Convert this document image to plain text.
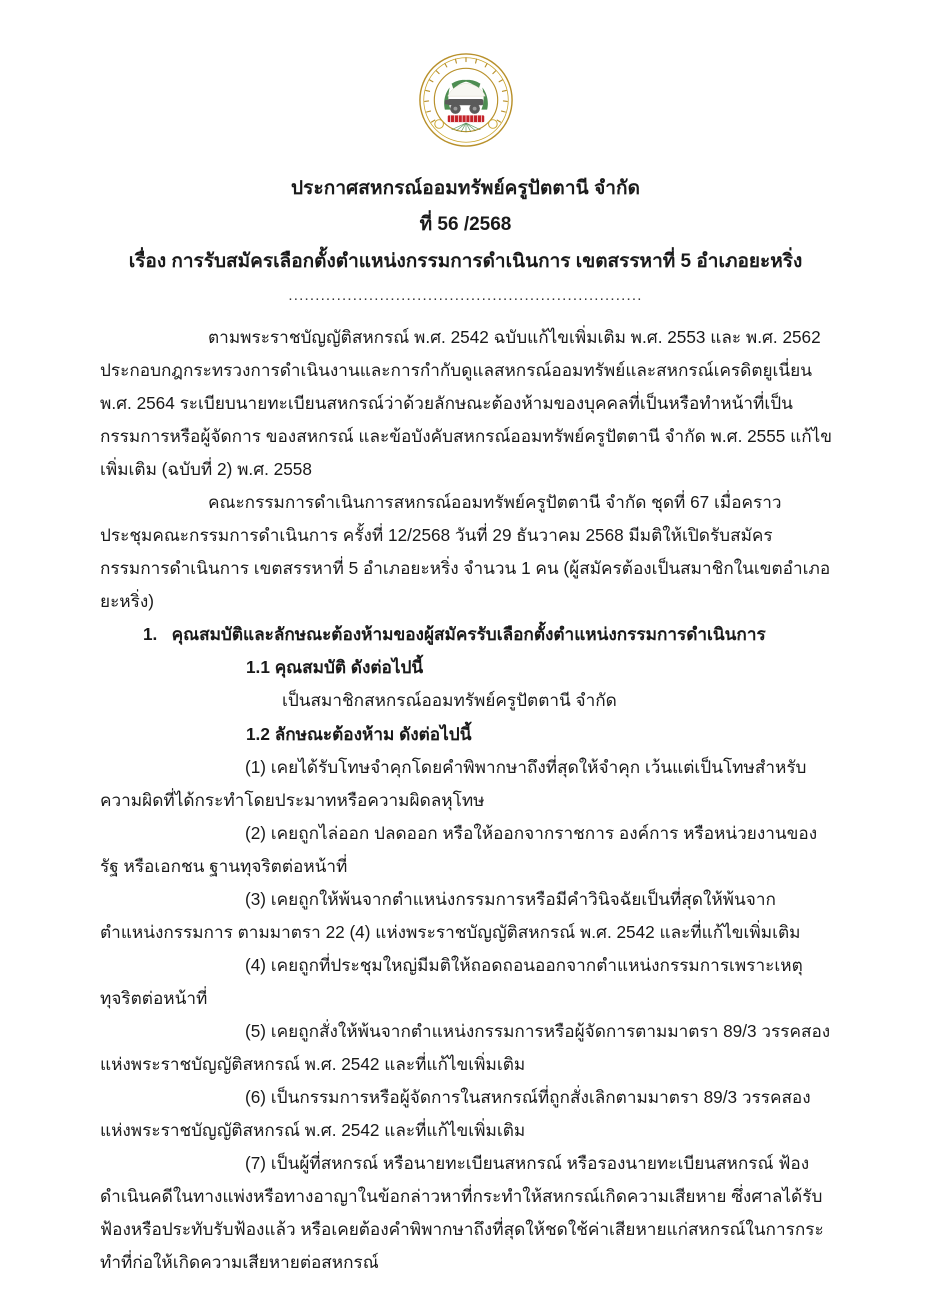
ประกาศสหกรณ์ออมทรัพย์ครูปัตตานี จำกัด
ที่ 56 /2568
เรื่อง การรับสมัครเลือกตั้งตำแหน่งกรรมการดำเนินการ เขตสรรหาที่ 5 อำเภอยะหริ่ง
..................................................................

ตามพระราชบัญญัติสหกรณ์ พ.ศ. 2542 ฉบับแก้ไขเพิ่มเติม พ.ศ. 2553 และ พ.ศ. 2562 ประกอบกฎกระทรวงการดำเนินงานและการกำกับดูแลสหกรณ์ออมทรัพย์และสหกรณ์เครดิตยูเนี่ยน พ.ศ. 2564 ระเบียบนายทะเบียนสหกรณ์ว่าด้วยลักษณะต้องห้ามของบุคคลที่เป็นหรือทำหน้าที่เป็นกรรมการหรือผู้จัดการ ของสหกรณ์ และข้อบังคับสหกรณ์ออมทรัพย์ครูปัตตานี จำกัด พ.ศ. 2555 แก้ไขเพิ่มเติม (ฉบับที่ 2) พ.ศ. 2558

คณะกรรมการดำเนินการสหกรณ์ออมทรัพย์ครูปัตตานี จำกัด ชุดที่ 67 เมื่อคราวประชุมคณะกรรมการดำเนินการ ครั้งที่ 12/2568 วันที่ 29 ธันวาคม 2568 มีมติให้เปิดรับสมัครกรรมการดำเนินการ เขตสรรหาที่ 5 อำเภอยะหริ่ง จำนวน 1 คน (ผู้สมัครต้องเป็นสมาชิกในเขตอำเภอยะหริ่ง)

1. คุณสมบัติและลักษณะต้องห้ามของผู้สมัครรับเลือกตั้งตำแหน่งกรรมการดำเนินการ

1.1 คุณสมบัติ ดังต่อไปนี้

เป็นสมาชิกสหกรณ์ออมทรัพย์ครูปัตตานี จำกัด

1.2 ลักษณะต้องห้าม ดังต่อไปนี้

(1) เคยได้รับโทษจำคุกโดยคำพิพากษาถึงที่สุดให้จำคุก เว้นแต่เป็นโทษสำหรับความผิดที่ได้กระทำโดยประมาทหรือความผิดลหุโทษ

(2) เคยถูกไล่ออก ปลดออก หรือให้ออกจากราชการ องค์การ หรือหน่วยงานของรัฐ หรือเอกชน ฐานทุจริตต่อหน้าที่

(3) เคยถูกให้พ้นจากตำแหน่งกรรมการหรือมีคำวินิจฉัยเป็นที่สุดให้พ้นจากตำแหน่งกรรมการ ตามมาตรา 22 (4) แห่งพระราชบัญญัติสหกรณ์ พ.ศ. 2542 และที่แก้ไขเพิ่มเติม

(4) เคยถูกที่ประชุมใหญ่มีมติให้ถอดถอนออกจากตำแหน่งกรรมการเพราะเหตุทุจริตต่อหน้าที่

(5) เคยถูกสั่งให้พ้นจากตำแหน่งกรรมการหรือผู้จัดการตามมาตรา 89/3 วรรคสองแห่งพระราชบัญญัติสหกรณ์ พ.ศ. 2542 และที่แก้ไขเพิ่มเติม

(6) เป็นกรรมการหรือผู้จัดการในสหกรณ์ที่ถูกสั่งเลิกตามมาตรา 89/3 วรรคสองแห่งพระราชบัญญัติสหกรณ์ พ.ศ. 2542 และที่แก้ไขเพิ่มเติม

(7) เป็นผู้ที่สหกรณ์ หรือนายทะเบียนสหกรณ์ หรือรองนายทะเบียนสหกรณ์ ฟ้องดำเนินคดีในทางแพ่งหรือทางอาญาในข้อกล่าวหาที่กระทำให้สหกรณ์เกิดความเสียหาย ซึ่งศาลได้รับฟ้องหรือประทับรับฟ้องแล้ว หรือเคยต้องคำพิพากษาถึงที่สุดให้ชดใช้ค่าเสียหายแก่สหกรณ์ในการกระทำที่ก่อให้เกิดความเสียหายต่อสหกรณ์
